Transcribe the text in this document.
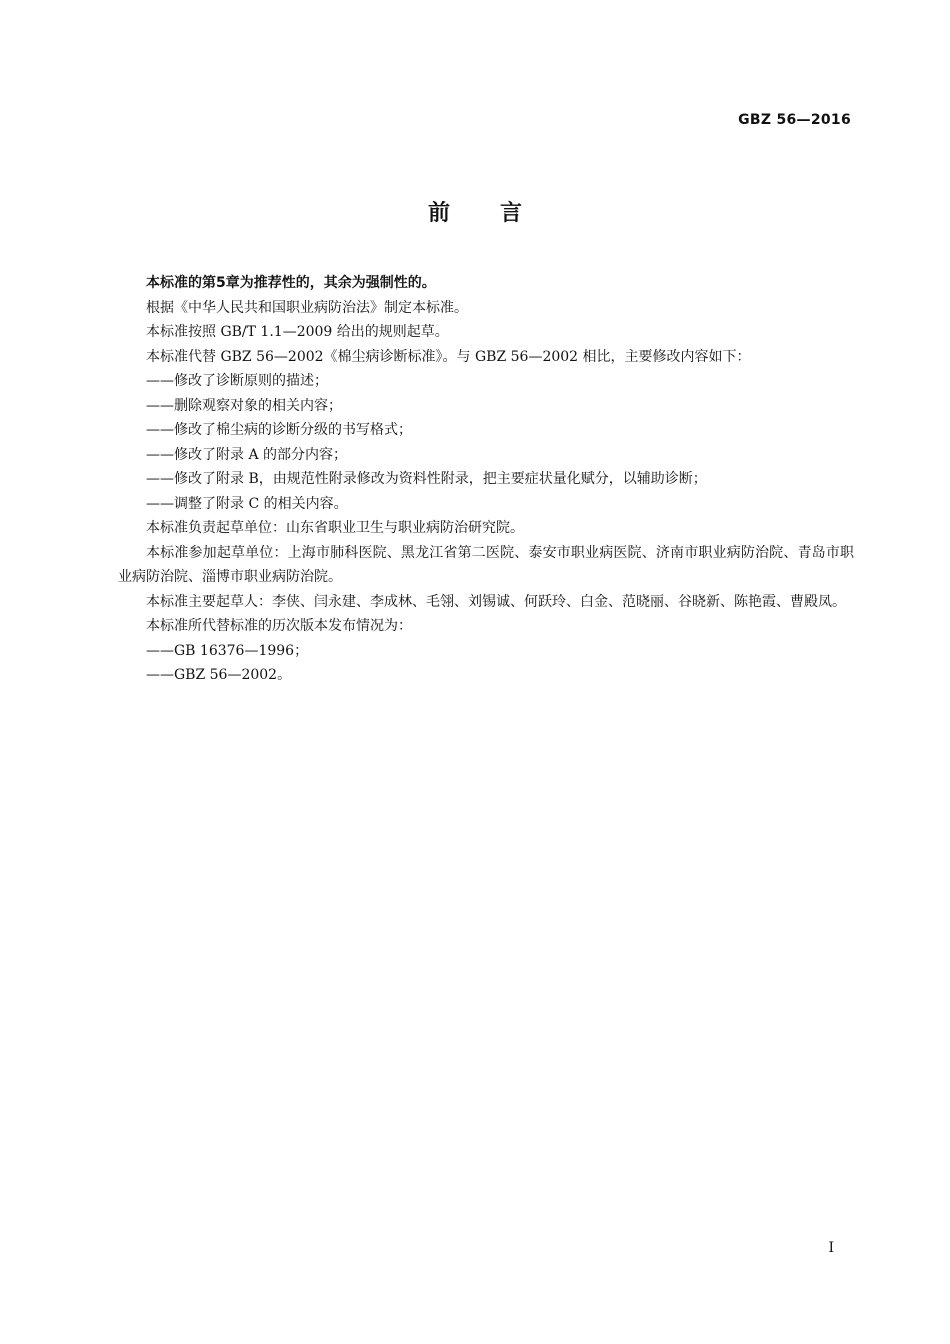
GBZ 56—2016
前言

本标准的第5章为推荐性的，其余为强制性的。

根据《中华人民共和国职业病防治法》制定本标准。

本标准按照 GB/T 1.1—2009 给出的规则起草。

本标准代替 GBZ 56—2002《棉尘病诊断标准》。与 GBZ 56—2002 相比，主要修改内容如下：

——修改了诊断原则的描述；

——删除观察对象的相关内容；

——修改了棉尘病的诊断分级的书写格式；

——修改了附录 A 的部分内容；

——修改了附录 B，由规范性附录修改为资料性附录，把主要症状量化赋分，以辅助诊断；

——调整了附录 C 的相关内容。

本标准负责起草单位：山东省职业卫生与职业病防治研究院。

本标准参加起草单位：上海市肺科医院、黑龙江省第二医院、泰安市职业病医院、济南市职业病防治院、青岛市职业病防治院、淄博市职业病防治院。

本标准主要起草人：李侠、闫永建、李成林、毛翎、刘锡诚、何跃玲、白金、范晓丽、谷晓新、陈艳霞、曹殿凤。

本标准所代替标准的历次版本发布情况为：

——GB 16376—1996；

——GBZ 56—2002。

I
